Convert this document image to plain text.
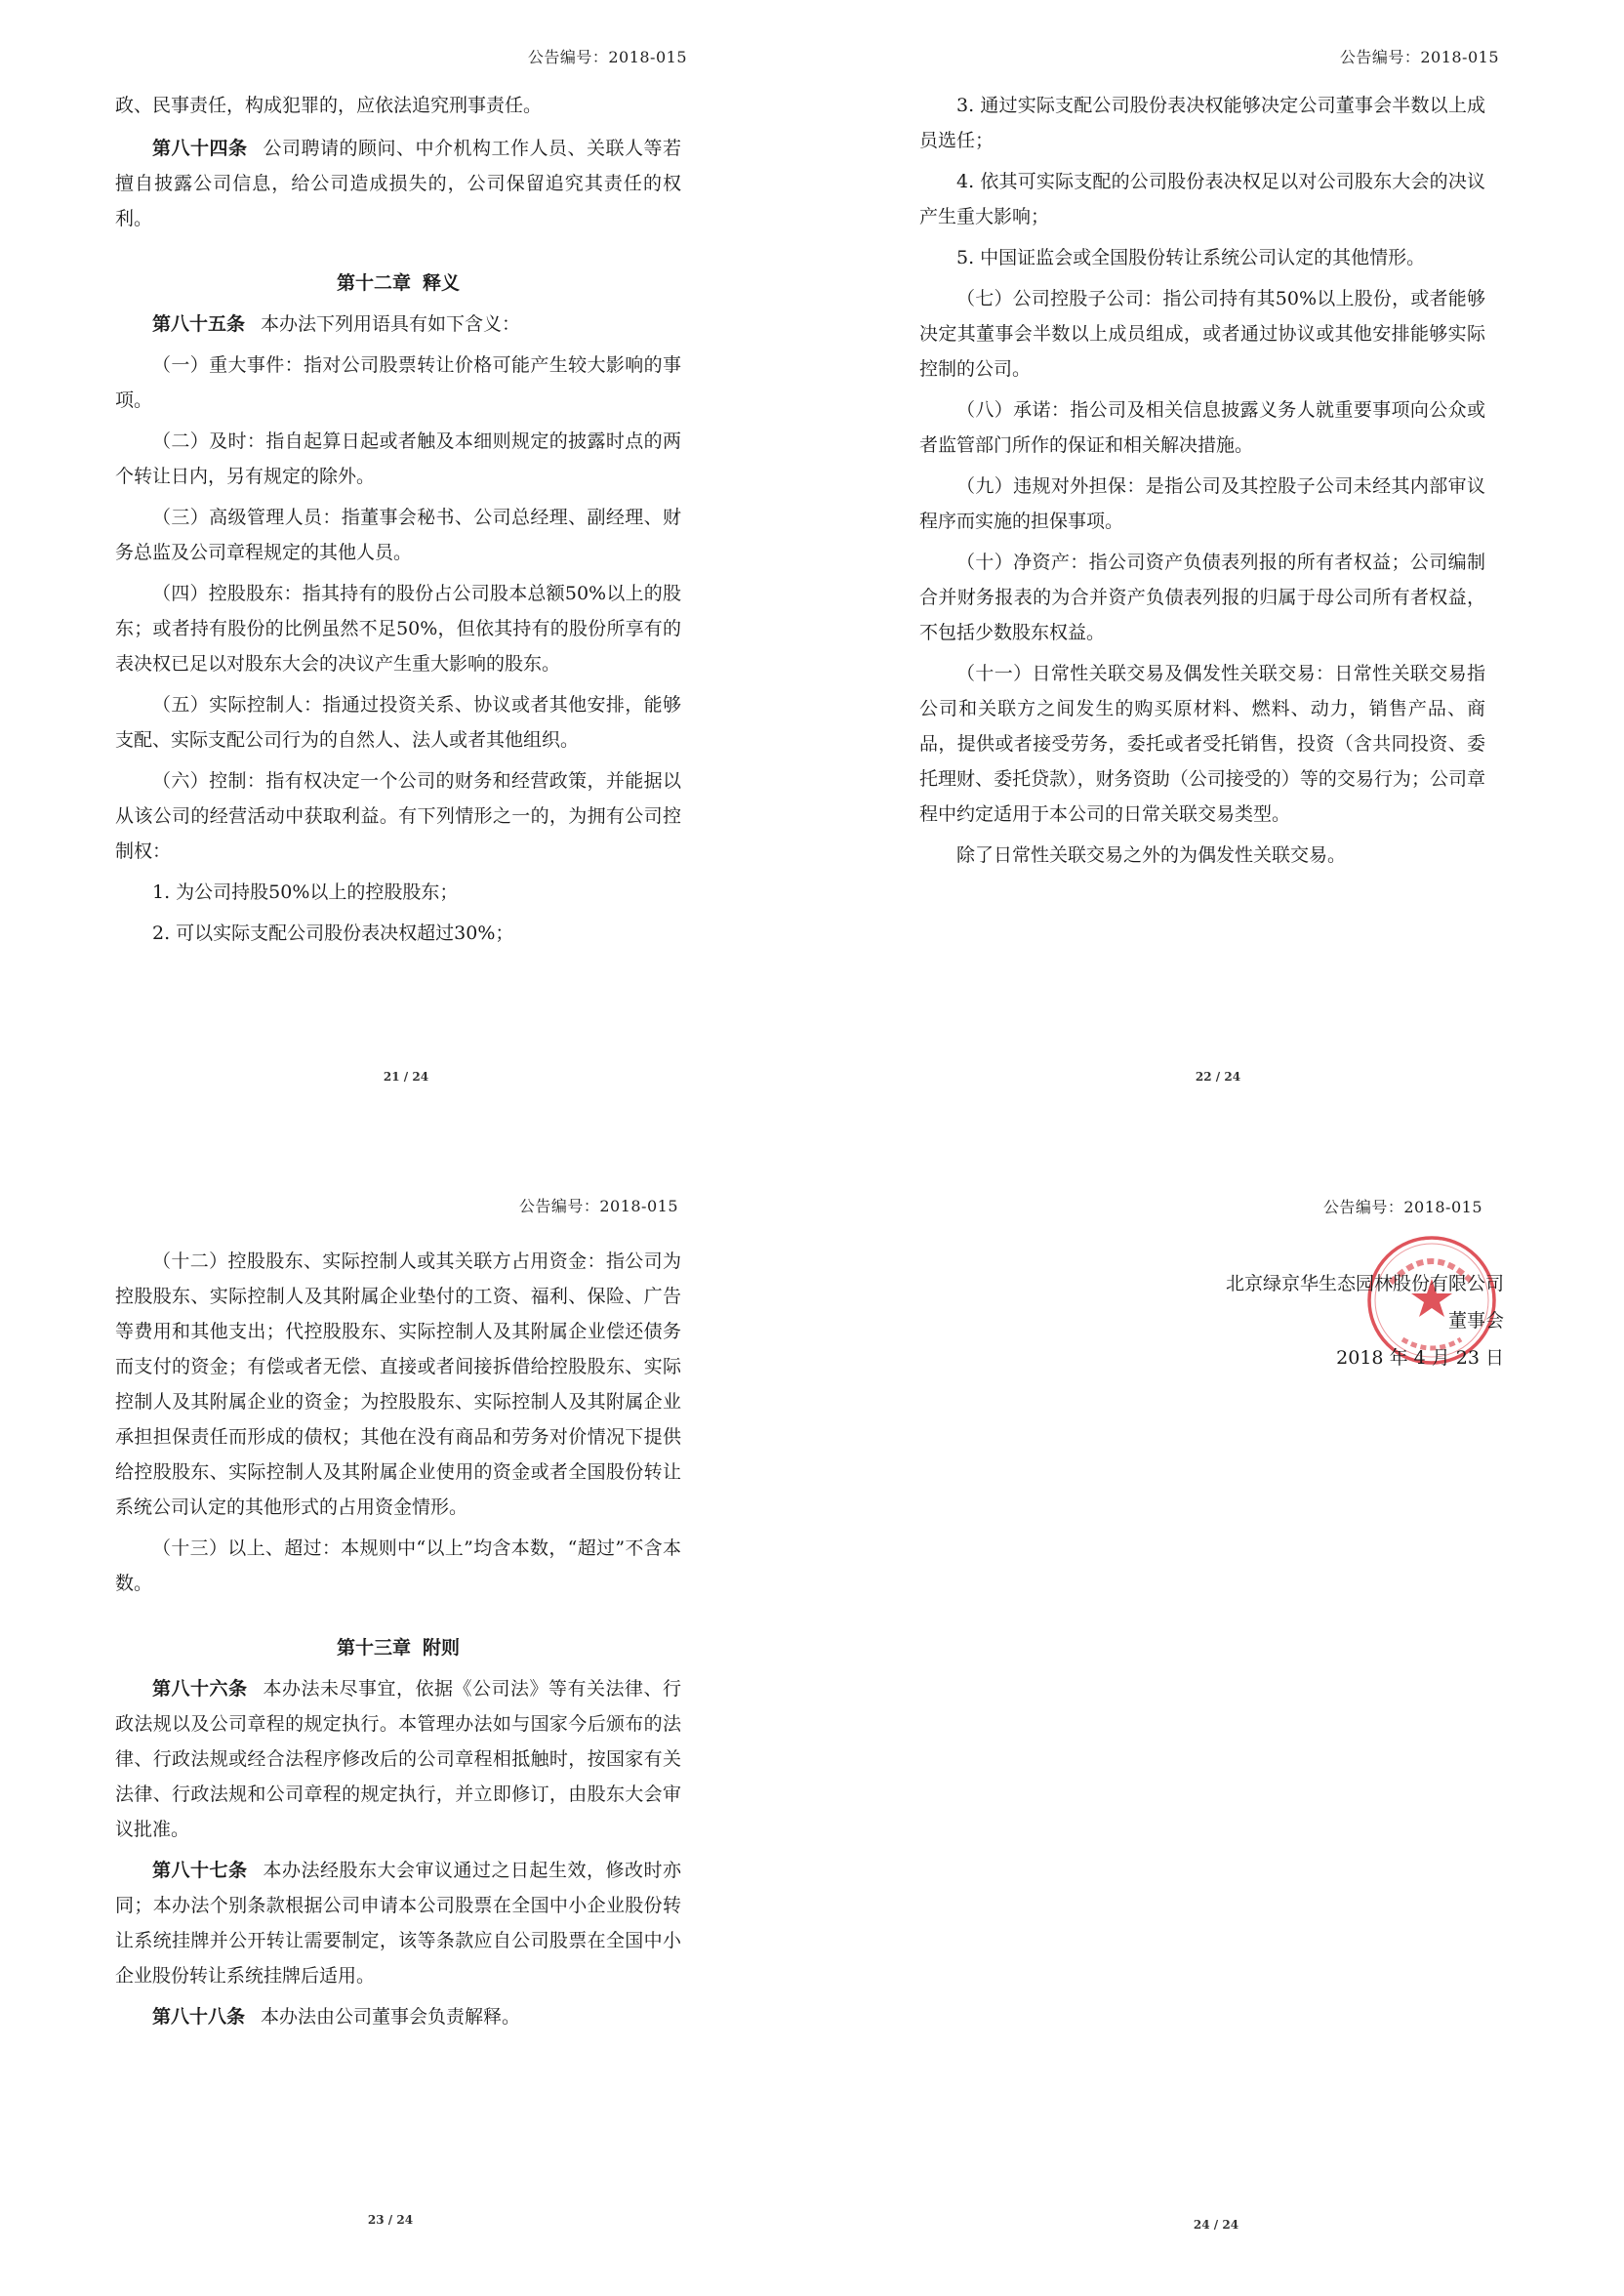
公告编号：2018-015

政、民事责任，构成犯罪的，应依法追究刑事责任。

第八十四条 公司聘请的顾问、中介机构工作人员、关联人等若擅自披露公司信息，给公司造成损失的，公司保留追究其责任的权利。

第十二章 释义

第八十五条 本办法下列用语具有如下含义：

（一）重大事件：指对公司股票转让价格可能产生较大影响的事项。

（二）及时：指自起算日起或者触及本细则规定的披露时点的两个转让日内，另有规定的除外。

（三）高级管理人员：指董事会秘书、公司总经理、副经理、财务总监及公司章程规定的其他人员。

（四）控股股东：指其持有的股份占公司股本总额50%以上的股东；或者持有股份的比例虽然不足50%，但依其持有的股份所享有的表决权已足以对股东大会的决议产生重大影响的股东。

（五）实际控制人：指通过投资关系、协议或者其他安排，能够支配、实际支配公司行为的自然人、法人或者其他组织。

（六）控制：指有权决定一个公司的财务和经营政策，并能据以从该公司的经营活动中获取利益。有下列情形之一的，为拥有公司控制权：

1. 为公司持股50%以上的控股股东；

2. 可以实际支配公司股份表决权超过30%；

21 / 24
公告编号：2018-015

3. 通过实际支配公司股份表决权能够决定公司董事会半数以上成员选任；

4. 依其可实际支配的公司股份表决权足以对公司股东大会的决议产生重大影响；

5. 中国证监会或全国股份转让系统公司认定的其他情形。

（七）公司控股子公司：指公司持有其50%以上股份，或者能够决定其董事会半数以上成员组成，或者通过协议或其他安排能够实际控制的公司。

（八）承诺：指公司及相关信息披露义务人就重要事项向公众或者监管部门所作的保证和相关解决措施。

（九）违规对外担保：是指公司及其控股子公司未经其内部审议程序而实施的担保事项。

（十）净资产：指公司资产负债表列报的所有者权益；公司编制合并财务报表的为合并资产负债表列报的归属于母公司所有者权益，不包括少数股东权益。

（十一）日常性关联交易及偶发性关联交易：日常性关联交易指公司和关联方之间发生的购买原材料、燃料、动力，销售产品、商品，提供或者接受劳务，委托或者受托销售，投资（含共同投资、委托理财、委托贷款），财务资助（公司接受的）等的交易行为；公司章程中约定适用于本公司的日常关联交易类型。

除了日常性关联交易之外的为偶发性关联交易。

22 / 24
公告编号：2018-015

（十二）控股股东、实际控制人或其关联方占用资金：指公司为控股股东、实际控制人及其附属企业垫付的工资、福利、保险、广告等费用和其他支出；代控股股东、实际控制人及其附属企业偿还债务而支付的资金；有偿或者无偿、直接或者间接拆借给控股股东、实际控制人及其附属企业的资金；为控股股东、实际控制人及其附属企业承担担保责任而形成的债权；其他在没有商品和劳务对价情况下提供给控股股东、实际控制人及其附属企业使用的资金或者全国股份转让系统公司认定的其他形式的占用资金情形。

（十三）以上、超过：本规则中“以上”均含本数，“超过”不含本数。

第十三章 附则

第八十六条 本办法未尽事宜，依据《公司法》等有关法律、行政法规以及公司章程的规定执行。本管理办法如与国家今后颁布的法律、行政法规或经合法程序修改后的公司章程相抵触时，按国家有关法律、行政法规和公司章程的规定执行，并立即修订，由股东大会审议批准。

第八十七条 本办法经股东大会审议通过之日起生效，修改时亦同；本办法个别条款根据公司申请本公司股票在全国中小企业股份转让系统挂牌并公开转让需要制定，该等条款应自公司股票在全国中小企业股份转让系统挂牌后适用。

第八十八条 本办法由公司董事会负责解释。

23 / 24
公告编号：2018-015
北京绿京华生态园林股份有限公司
董事会
2018 年 4 月 23 日
24 / 24
